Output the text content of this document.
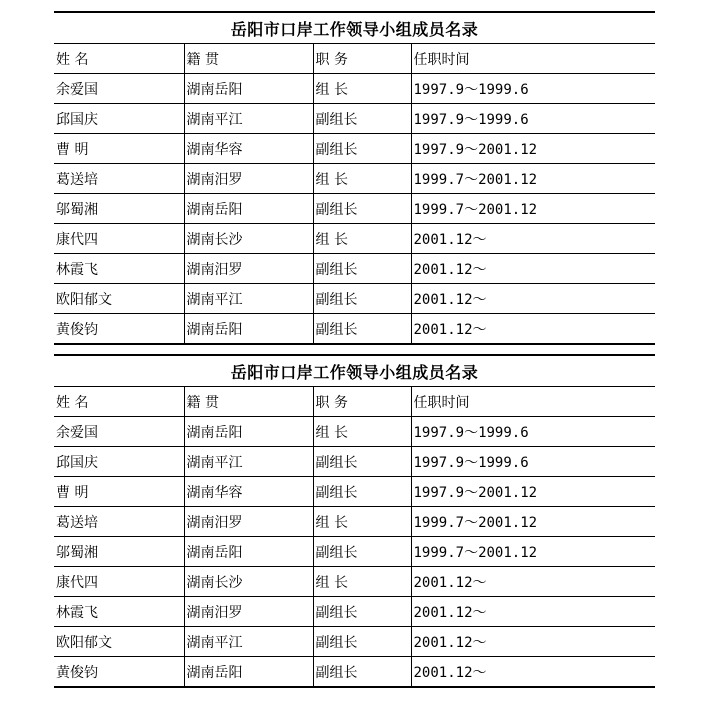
岳阳市口岸工作领导小组成员名录			
姓 名	籍 贯	职 务	任职时间
余爱国	湖南岳阳	组 长	1997.9～1999.6
邱国庆	湖南平江	副组长	1997.9～1999.6
曹 明	湖南华容	副组长	1997.9～2001.12
葛送培	湖南汨罗	组 长	1999.7～2001.12
邬蜀湘	湖南岳阳	副组长	1999.7～2001.12
康代四	湖南长沙	组 长	2001.12～
林霞飞	湖南汨罗	副组长	2001.12～
欧阳郁文	湖南平江	副组长	2001.12～
黄俊钧	湖南岳阳	副组长	2001.12～
岳阳市口岸工作领导小组成员名录			
姓 名	籍 贯	职 务	任职时间
余爱国	湖南岳阳	组 长	1997.9～1999.6
邱国庆	湖南平江	副组长	1997.9～1999.6
曹 明	湖南华容	副组长	1997.9～2001.12
葛送培	湖南汨罗	组 长	1999.7～2001.12
邬蜀湘	湖南岳阳	副组长	1999.7～2001.12
康代四	湖南长沙	组 长	2001.12～
林霞飞	湖南汨罗	副组长	2001.12～
欧阳郁文	湖南平江	副组长	2001.12～
黄俊钧	湖南岳阳	副组长	2001.12～
